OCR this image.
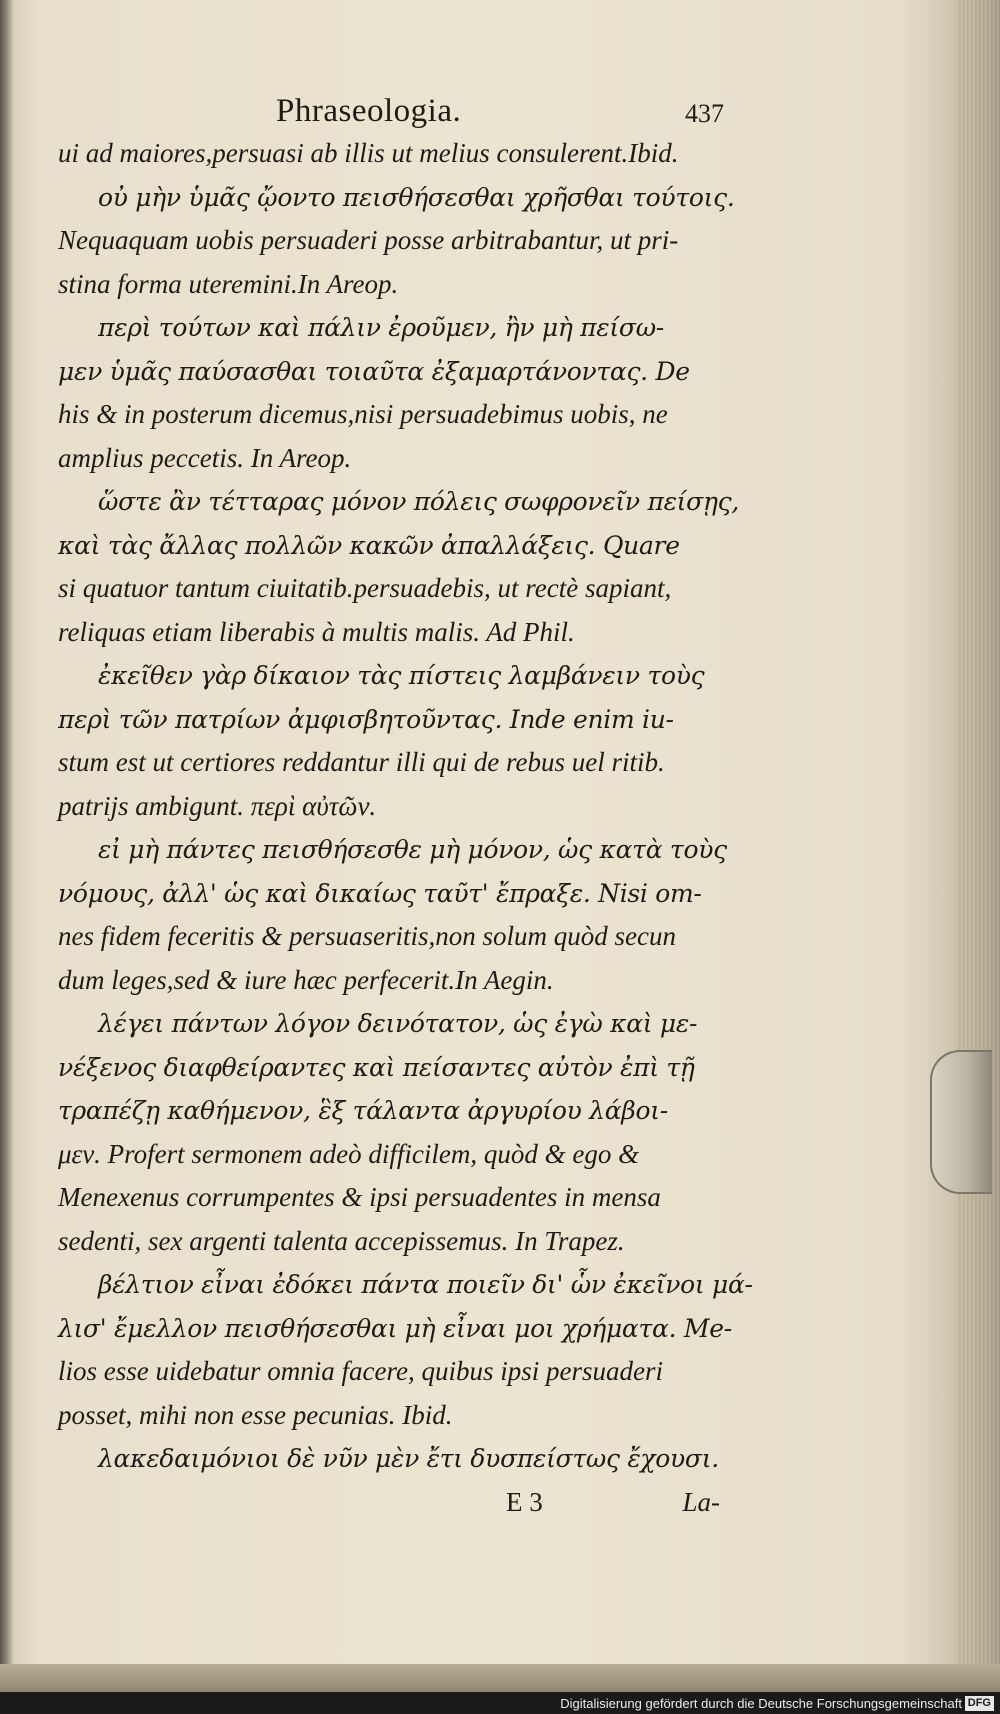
Phraseologia.	437
ui ad maiores,persuasi ab illis ut melius consulerent.Ibid.
οὐ μὴν ὑμᾶς ᾤοντο πεισθήσεσθαι χρῆσθαι τούτοις.
Nequaquam uobis persuaderi posse arbitrabantur, ut pri-
stina forma uteremini.In Areop.
περὶ τούτων καὶ πάλιν ἐροῦμεν, ἢν μὴ πείσω-
μεν ὑμᾶς παύσασθαι τοιαῦτα ἐξαμαρτάνοντας. De
his & in posterum dicemus,nisi persuadebimus uobis, ne
amplius peccetis. In Areop.
ὥστε ἂν τέτταρας μόνον πόλεις σωφρονεῖν πείσῃς,
καὶ τὰς ἄλλας πολλῶν κακῶν ἀπαλλάξεις. Quare
si quatuor tantum ciuitatib.persuadebis, ut rectè sapiant,
reliquas etiam liberabis à multis malis. Ad Phil.
ἐκεῖθεν γὰρ δίκαιον τὰς πίστεις λαμβάνειν τοὺς
περὶ τῶν πατρίων ἀμφισβητοῦντας. Inde enim iu-
stum est ut certiores reddantur illi qui de rebus uel ritib.
patrijs ambigunt. περὶ αὐτῶν.
εἰ μὴ πάντες πεισθήσεσθε μὴ μόνον, ὡς κατὰ τοὺς
νόμους, ἀλλ' ὡς καὶ δικαίως ταῦτ' ἔπραξε. Nisi om-
nes fidem feceritis & persuaseritis,non solum quòd secun
dum leges,sed & iure hæc perfecerit.In Aegin.
λέγει πάντων λόγον δεινότατον, ὡς ἐγὼ καὶ με-
νέξενος διαφθείραντες καὶ πείσαντες αὐτὸν ἐπὶ τῇ
τραπέζῃ καθήμενον, ἓξ τάλαντα ἀργυρίου λάβοι-
μεν. Profert sermonem adeò difficilem, quòd & ego &
Menexenus corrumpentes & ipsi persuadentes in mensa
sedenti, sex argenti talenta accepissemus. In Trapez.
βέλτιον εἶναι ἐδόκει πάντα ποιεῖν δι' ὧν ἐκεῖνοι μά-
λισ' ἔμελλον πεισθήσεσθαι μὴ εἶναι μοι χρήματα. Me-
lios esse uidebatur omnia facere, quibus ipsi persuaderi
posset, mihi non esse pecunias. Ibid.
λακεδαιμόνιοι δὲ νῦν μὲν ἔτι δυσπείστως ἔχουσι.
E 3	La-
Digitalisierung gefördert durch die Deutsche Forschungsgemeinschaft DFG
